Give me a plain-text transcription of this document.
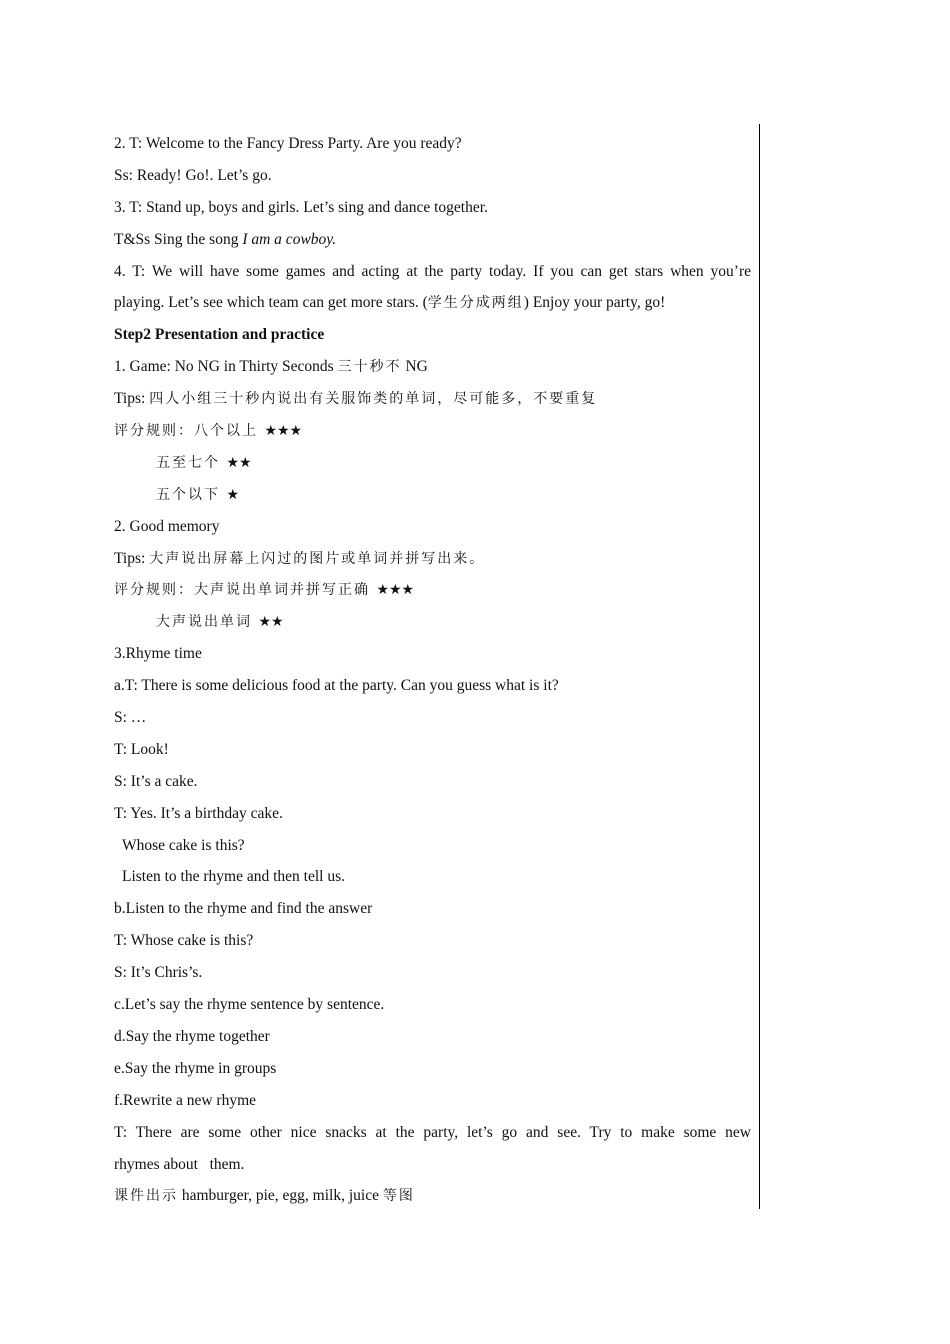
2. T: Welcome to the Fancy Dress Party. Are you ready?
Ss: Ready! Go!. Let’s go.
3. T: Stand up, boys and girls. Let’s sing and dance together.
T&Ss Sing the song I am a cowboy.
4. T: We will have some games and acting at the party today. If you can get stars when you’re
playing. Let’s see which team can get more stars. (学生分成两组) Enjoy your party, go!
Step2 Presentation and practice
1. Game: No NG in Thirty Seconds 三十秒不 NG
Tips: 四人小组三十秒内说出有关服饰类的单词，尽可能多，不要重复
评分规则：八个以上 ★★★
五至七个 ★★
五个以下 ★
2. Good memory
Tips: 大声说出屏幕上闪过的图片或单词并拼写出来。
评分规则：大声说出单词并拼写正确 ★★★
大声说出单词 ★★
3.Rhyme time
a.T: There is some delicious food at the party. Can you guess what is it?
S: …
T: Look!
S: It’s a cake.
T: Yes. It’s a birthday cake.
Whose cake is this?
Listen to the rhyme and then tell us.
b.Listen to the rhyme and find the answer
T: Whose cake is this?
S: It’s Chris’s.
c.Let’s say the rhyme sentence by sentence.
d.Say the rhyme together
e.Say the rhyme in groups
f.Rewrite a new rhyme
T: There are some other nice snacks at the party, let’s go and see. Try to make some new
rhymes about   them.
课件出示 hamburger, pie, egg, milk, juice 等图
